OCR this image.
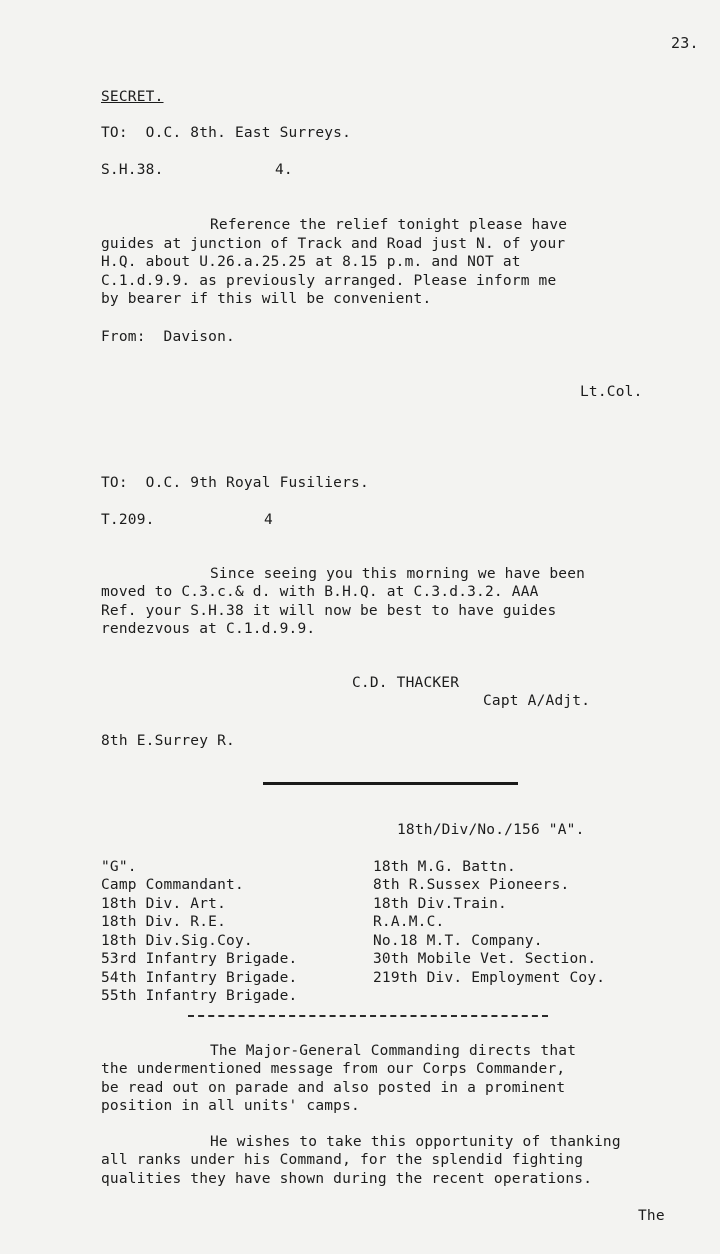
23.
SECRET.
TO:  O.C. 8th. East Surreys.
S.H.38.	4.
Reference the relief tonight please have
guides at junction of Track and Road just N. of your
H.Q. about U.26.a.25.25 at 8.15 p.m. and NOT at
C.1.d.9.9. as previously arranged. Please inform me
by bearer if this will be convenient.
From:  Davison.
Lt.Col.
TO:  O.C. 9th Royal Fusiliers.
T.209.	4
Since seeing you this morning we have been
moved to C.3.c.& d. with B.H.Q. at C.3.d.3.2. AAA
Ref. your S.H.38 it will now be best to have guides
rendezvous at C.1.d.9.9.
C.D. THACKER
Capt A/Adjt.
8th E.Surrey R.
18th/Div/No./156 "A".
"G".
Camp Commandant.
18th Div. Art.
18th Div. R.E.
18th Div.Sig.Coy.
53rd Infantry Brigade.
54th Infantry Brigade.
55th Infantry Brigade.
18th M.G. Battn.
8th R.Sussex Pioneers.
18th Div.Train.
R.A.M.C.
No.18 M.T. Company.
30th Mobile Vet. Section.
219th Div. Employment Coy.
The Major-General Commanding directs that
the undermentioned message from our Corps Commander,
be read out on parade and also posted in a prominent
position in all units' camps.
He wishes to take this opportunity of thanking
all ranks under his Command, for the splendid fighting
qualities they have shown during the recent operations.
The
